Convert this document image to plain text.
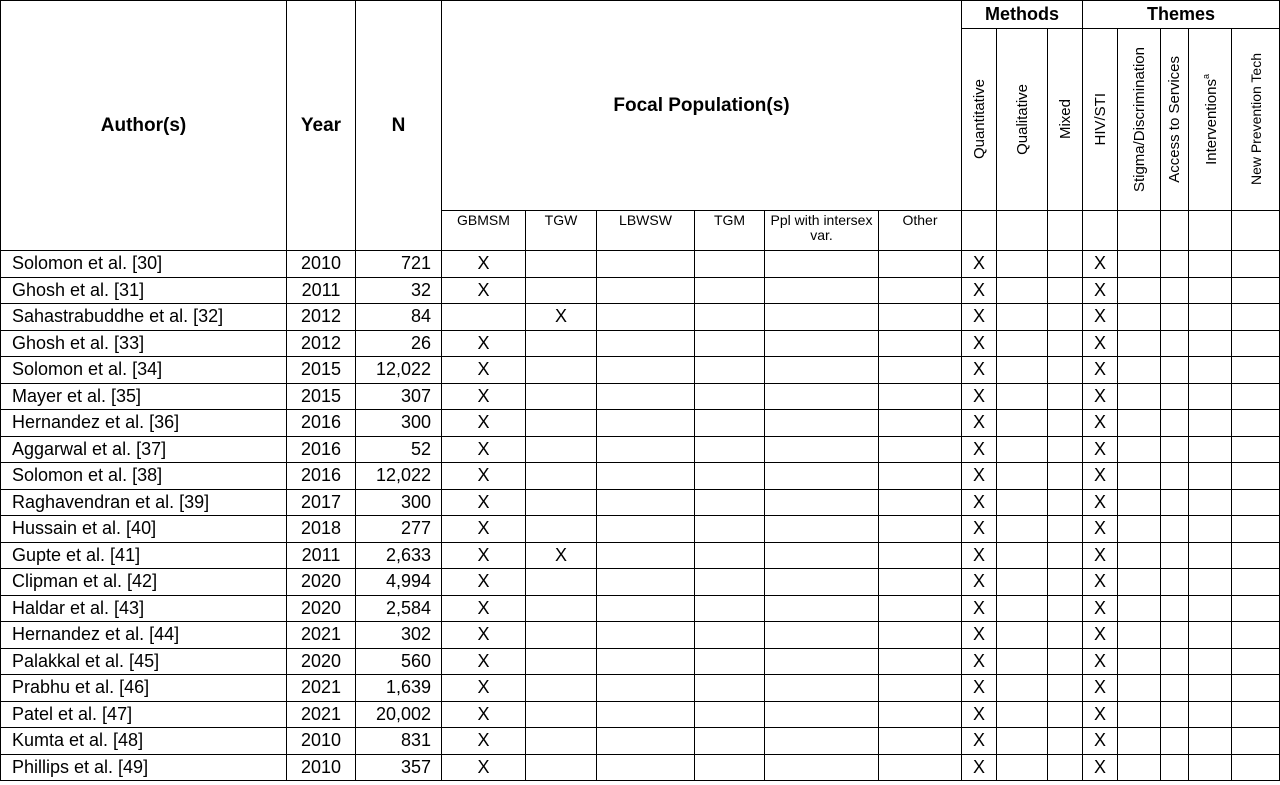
Author(s)	Year	N	Focal Population(s)						Methods			Themes				

									Quantitative	Qualitative	Mixed	HIV/STI	Stigma/Discrimination	Access to Services	Interventions$^a$	New Prevention Tech

			GBMSM	TGW	LBWSW	TGM	Ppl with intersex var.	Other								
Solomon et al. [30]	2010	721	X						X			X				
Ghosh et al. [31]	2011	32	X						X			X				
Sahastrabuddhe et al. [32]	2012	84		X					X			X				
Ghosh et al. [33]	2012	26	X						X			X				
Solomon et al. [34]	2015	12,022	X						X			X				
Mayer et al. [35]	2015	307	X						X			X				
Hernandez et al. [36]	2016	300	X						X			X				
Aggarwal et al. [37]	2016	52	X						X			X				
Solomon et al. [38]	2016	12,022	X						X			X				
Raghavendran et al. [39]	2017	300	X						X			X				
Hussain et al. [40]	2018	277	X						X			X				
Gupte et al. [41]	2011	2,633	X	X					X			X				
Clipman et al. [42]	2020	4,994	X						X			X				
Haldar et al. [43]	2020	2,584	X						X			X				
Hernandez et al. [44]	2021	302	X						X			X				
Palakkal et al. [45]	2020	560	X						X			X				
Prabhu et al. [46]	2021	1,639	X						X			X				
Patel et al. [47]	2021	20,002	X						X			X				
Kumta et al. [48]	2010	831	X						X			X				
Phillips et al. [49]	2010	357	X						X			X				
